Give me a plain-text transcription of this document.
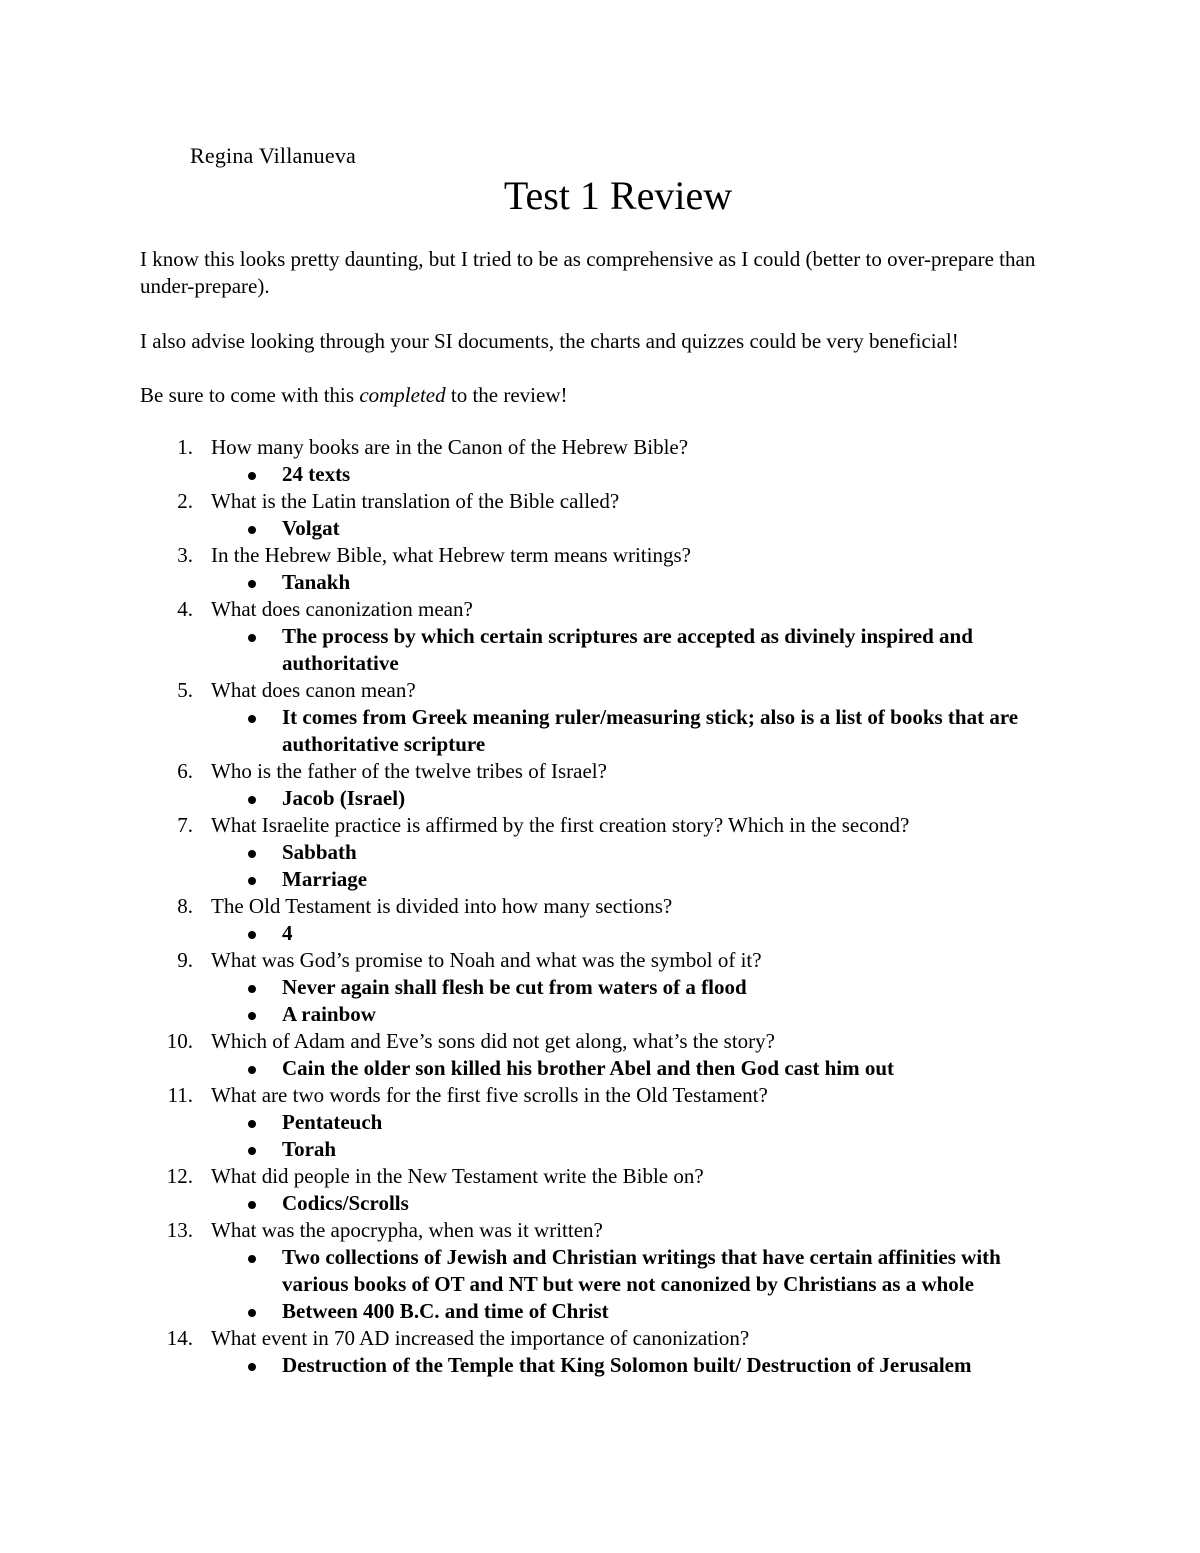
Regina Villanueva
Test 1 Review
I know this looks pretty daunting, but I tried to be as comprehensive as I could (better to over-prepare than under-prepare).
I also advise looking through your SI documents, the charts and quizzes could be very beneficial!
Be sure to come with this completed to the review!
1. How many books are in the Canon of the Hebrew Bible?
24 texts
2. What is the Latin translation of the Bible called?
Volgat
3. In the Hebrew Bible, what Hebrew term means writings?
Tanakh
4. What does canonization mean?
The process by which certain scriptures are accepted as divinely inspired and authoritative
5. What does canon mean?
It comes from Greek meaning ruler/measuring stick; also is a list of books that are authoritative scripture
6. Who is the father of the twelve tribes of Israel?
Jacob (Israel)
7. What Israelite practice is affirmed by the first creation story? Which in the second?
Sabbath
Marriage
8. The Old Testament is divided into how many sections?
4
9. What was God’s promise to Noah and what was the symbol of it?
Never again shall flesh be cut from waters of a flood
A rainbow
10. Which of Adam and Eve’s sons did not get along, what’s the story?
Cain the older son killed his brother Abel and then God cast him out
11. What are two words for the first five scrolls in the Old Testament?
Pentateuch
Torah
12. What did people in the New Testament write the Bible on?
Codics/Scrolls
13. What was the apocrypha, when was it written?
Two collections of Jewish and Christian writings that have certain affinities with various books of OT and NT but were not canonized by Christians as a whole
Between 400 B.C. and time of Christ
14. What event in 70 AD increased the importance of canonization?
Destruction of the Temple that King Solomon built/ Destruction of Jerusalem
